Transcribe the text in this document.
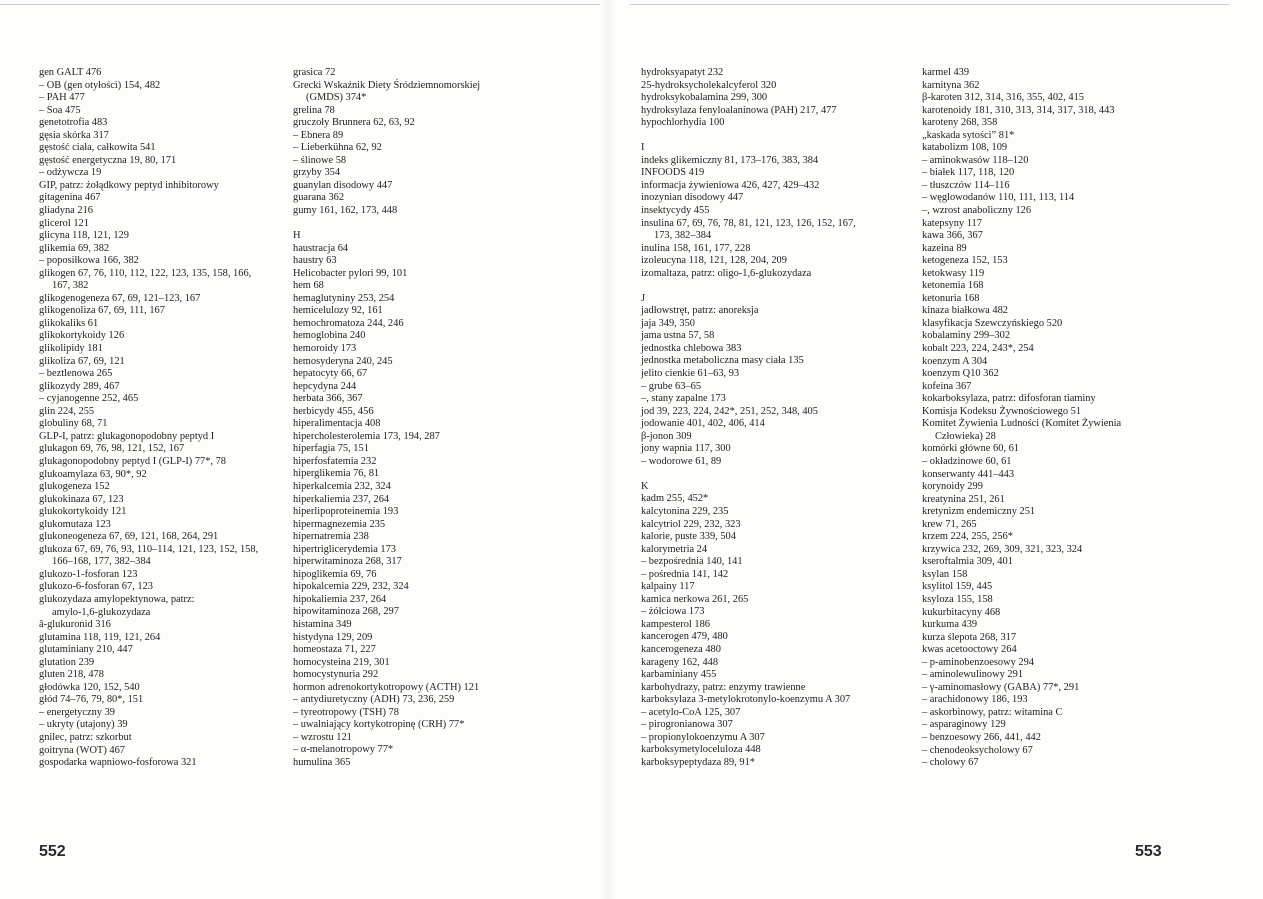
gen GALT 476
– OB (gen otyłości) 154, 482
– PAH 477
– Soa 475
genetotrofia 483
gęsia skórka 317
gęstość ciała, całkowita 541
gęstość energetyczna 19, 80, 171
– odżywcza 19
GIP, patrz: żołądkowy peptyd inhibitorowy
gitagenina 467
gliadyna 216
glicerol 121
glicyna 118, 121, 129
glikemia 69, 382
– poposiłkowa 166, 382
glikogen 67, 76, 110, 112, 122, 123, 135, 158, 166,
167, 382
glikogenogeneza 67, 69, 121–123, 167
glikogenoliza 67, 69, 111, 167
glikokaliks 61
glikokortykoidy 126
glikolipidy 181
glikoliza 67, 69, 121
– beztlenowa 265
glikozydy 289, 467
– cyjanogenne 252, 465
glin 224, 255
globuliny 68, 71
GLP-I, patrz: glukagonopodobny peptyd I
glukagon 69, 76, 98, 121, 152, 167
glukagonopodobny peptyd I (GLP-I) 77*, 78
glukoamylaza 63, 90*, 92
glukogeneza 152
glukokinaza 67, 123
glukokortykoidy 121
glukomutaza 123
glukoneogeneza 67, 69, 121, 168, 264, 291
glukoza 67, 69, 76, 93, 110–114, 121, 123, 152, 158,
166–168, 177, 382–384
glukozo-1-fosforan 123
glukozo-6-fosforan 67, 123
glukozydaza amylopektynowa, patrz:
amylo-1,6-glukozydaza
â-glukuronid 316
glutamina 118, 119, 121, 264
glutaminiany 210, 447
glutation 239
gluten 218, 478
głodówka 120, 152, 540
głód 74–76, 79, 80*, 151
– energetyczny 39
– ukryty (utajony) 39
gnilec, patrz: szkorbut
goitryna (WOT) 467
gospodarka wapniowo-fosforowa 321
grasica 72
Grecki Wskaźnik Diety Śródziemnomorskiej
(GMDS) 374*
grelina 78
gruczoły Brunnera 62, 63, 92
– Ebnera 89
– Lieberkühna 62, 92
– ślinowe 58
grzyby 354
guanylan disodowy 447
guarana 362
gumy 161, 162, 173, 448
H
haustracja 64
haustry 63
Helicobacter pylori 99, 101
hem 68
hemaglutyniny 253, 254
hemicelulozy 92, 161
hemochromatoza 244, 246
hemoglobina 240
hemoroidy 173
hemosyderyna 240, 245
hepatocyty 66, 67
hepcydyna 244
herbata 366, 367
herbicydy 455, 456
hiperalimentacja 408
hipercholesterolemia 173, 194, 287
hiperfagia 75, 151
hiperfosfatemia 232
hiperglikemia 76, 81
hiperkalcemia 232, 324
hiperkaliemia 237, 264
hiperlipoproteinemia 193
hipermagnezemia 235
hipernatremia 238
hipertriglicerydemia 173
hiperwitaminoza 268, 317
hipoglikemia 69, 76
hipokalcemia 229, 232, 324
hipokaliemia 237, 264
hipowitaminoza 268, 297
histamina 349
histydyna 129, 209
homeostaza 71, 227
homocysteina 219, 301
homocystynuria 292
hormon adrenokortykotropowy (ACTH) 121
– antydiuretyczny (ADH) 73, 236, 259
– tyreotropowy (TSH) 78
– uwalniający kortykotropinę (CRH) 77*
– wzrostu 121
– α-melanotropowy 77*
humulina 365
hydroksyapatyt 232
25-hydroksycholekalcyferol 320
hydroksykobalamina 299, 300
hydroksylaza fenyloalaninowa (PAH) 217, 477
hypochlorhydia 100
I
indeks glikemiczny 81, 173–176, 383, 384
INFOODS 419
informacja żywieniowa 426, 427, 429–432
inozynian disodowy 447
insektycydy 455
insulina 67, 69, 76, 78, 81, 121, 123, 126, 152, 167,
173, 382–384
inulina 158, 161, 177, 228
izoleucyna 118, 121, 128, 204, 209
izomaltaza, patrz: oligo-1,6-glukozydaza
J
jadłowstręt, patrz: anoreksja
jaja 349, 350
jama ustna 57, 58
jednostka chlebowa 383
jednostka metaboliczna masy ciała 135
jelito cienkie 61–63, 93
– grube 63–65
–, stany zapalne 173
jod 39, 223, 224, 242*, 251, 252, 348, 405
jodowanie 401, 402, 406, 414
β-jonon 309
jony wapnia 117, 300
– wodorowe 61, 89
K
kadm 255, 452*
kalcytonina 229, 235
kalcytriol 229, 232, 323
kalorie, puste 339, 504
kalorymetria 24
– bezpośrednia 140, 141
– pośrednia 141, 142
kalpainy 117
kamica nerkowa 261, 265
– żółciowa 173
kampesterol 186
kancerogen 479, 480
kancerogeneza 480
karageny 162, 448
karbaminiany 455
karbohydrazy, patrz: enzymy trawienne
karboksylaza 3-metylokrotonylo-koenzymu A 307
– acetylo-CoA 125, 307
– pirogronianowa 307
– propionylokoenzymu A 307
karboksymetyloceluloza 448
karboksypeptydaza 89, 91*
karmel 439
karnityna 362
β-karoten 312, 314, 316, 355, 402, 415
karotenoidy 181, 310, 313, 314, 317, 318, 443
karoteny 268, 358
„kaskada sytości” 81*
katabolizm 108, 109
– aminokwasów 118–120
– białek 117, 118, 120
– tłuszczów 114–116
– węglowodanów 110, 111, 113, 114
–, wzrost anaboliczny 126
katepsyny 117
kawa 366, 367
kazeina 89
ketogeneza 152, 153
ketokwasy 119
ketonemia 168
ketonuria 168
kinaza białkowa 482
klasyfikacja Szewczyńskiego 520
kobalaminy 299–302
kobalt 223, 224, 243*, 254
koenzym A 304
koenzym Q10 362
kofeina 367
kokarboksylaza, patrz: difosforan tiaminy
Komisja Kodeksu Żywnościowego 51
Komitet Żywienia Ludności (Komitet Żywienia
Człowieka) 28
komórki główne 60, 61
– okładzinowe 60, 61
konserwanty 441–443
korynoidy 299
kreatynina 251, 261
kretynizm endemiczny 251
krew 71, 265
krzem 224, 255, 256*
krzywica 232, 269, 309, 321, 323, 324
kseroftalmia 309, 401
ksylan 158
ksylitol 159, 445
ksyloza 155, 158
kukurbitacyny 468
kurkuma 439
kurza ślepota 268, 317
kwas acetooctowy 264
– p-aminobenzoesowy 294
– aminolewulinowy 291
– γ-aminomasłowy (GABA) 77*, 291
– arachidonowy 186, 193
– askorbinowy, patrz: witamina C
– asparaginowy 129
– benzoesowy 266, 441, 442
– chenodeoksycholowy 67
– cholowy 67
552	553
